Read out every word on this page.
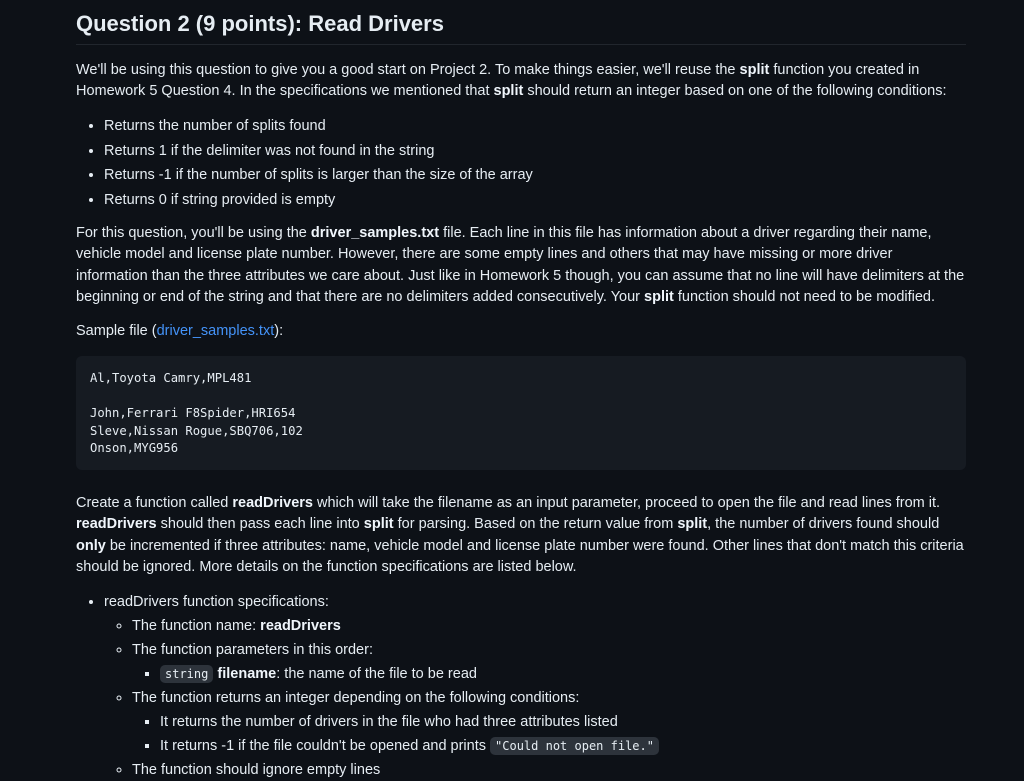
Question 2 (9 points): Read Drivers

We'll be using this question to give you a good start on Project 2. To make things easier, we'll reuse the split function you created in Homework 5 Question 4. In the specifications we mentioned that split should return an integer based on one of the following conditions:

• Returns the number of splits found
• Returns 1 if the delimiter was not found in the string
• Returns -1 if the number of splits is larger than the size of the array
• Returns 0 if string provided is empty

For this question, you'll be using the driver_samples.txt file. Each line in this file has information about a driver regarding their name, vehicle model and license plate number. However, there are some empty lines and others that may have missing or more driver information than the three attributes we care about. Just like in Homework 5 though, you can assume that no line will have delimiters at the beginning or end of the string and that there are no delimiters added consecutively. Your split function should not need to be modified.

Sample file (driver_samples.txt):

Al,Toyota Camry,MPL481
John,Ferrari F8Spider,HRI654
Sleve,Nissan Rogue,SBQ706,102
Onson,MYG956

Create a function called readDrivers which will take the filename as an input parameter, proceed to open the file and read lines from it. readDrivers should then pass each line into split for parsing. Based on the return value from split, the number of drivers found should only be incremented if three attributes: name, vehicle model and license plate number were found. Other lines that don't match this criteria should be ignored. More details on the function specifications are listed below.

• readDrivers function specifications:
◦ The function name: readDrivers
◦ The function parameters in this order:
▪ string filename: the name of the file to be read
◦ The function returns an integer depending on the following conditions:
▪ It returns the number of drivers in the file who had three attributes listed
▪ It returns -1 if the file couldn't be opened and prints "Could not open file."
◦ The function should ignore empty lines
